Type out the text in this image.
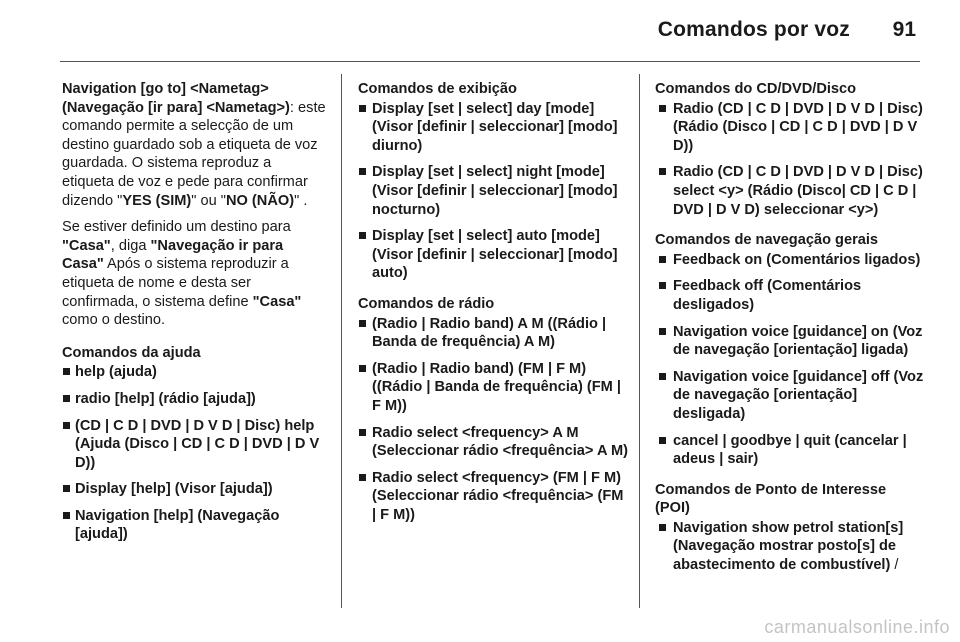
Comandos por voz 91

Navigation [go to] <Nametag> (Navegação [ir para] <Nametag>): este comando permite a selecção de um destino guardado sob a etiqueta de voz guardada. O sistema reproduz a etiqueta de voz e pede para confirmar dizendo "YES (SIM)" ou "NO (NÃO)" .

Se estiver definido um destino para "Casa", diga "Navegação ir para Casa" Após o sistema reproduzir a etiqueta de nome e desta ser confirmada, o sistema define "Casa" como o destino.

Comandos da ajuda
help (ajuda)
radio [help] (rádio [ajuda])
(CD | C D | DVD | D V D | Disc) help (Ajuda (Disco | CD | C D | DVD | D V D))
Display [help] (Visor [ajuda])
Navigation [help] (Navegação [ajuda])
Comandos de exibição
Display [set | select] day [mode] (Visor [definir | seleccionar] [modo] diurno)
Display [set | select] night [mode] (Visor [definir | seleccionar] [modo] nocturno)
Display [set | select] auto [mode] (Visor [definir | seleccionar] [modo] auto)
Comandos de rádio
(Radio | Radio band) A M ((Rádio | Banda de frequência) A M)
(Radio | Radio band) (FM | F M) ((Rádio | Banda de frequência) (FM | F M))
Radio select <frequency> A M (Seleccionar rádio <frequência> A M)
Radio select <frequency> (FM | F M) (Seleccionar rádio <frequência> (FM | F M))
Comandos do CD/DVD/Disco
Radio (CD | C D | DVD | D V D | Disc) (Rádio (Disco | CD | C D | DVD | D V D))
Radio (CD | C D | DVD | D V D | Disc) select <y> (Rádio (Disco| CD | C D | DVD | D V D) seleccionar <y>)
Comandos de navegação gerais
Feedback on (Comentários ligados)
Feedback off (Comentários desligados)
Navigation voice [guidance] on (Voz de navegação [orientação] ligada)
Navigation voice [guidance] off (Voz de navegação [orientação] desligada)
cancel | goodbye | quit (cancelar | adeus | sair)
Comandos de Ponto de Interesse (POI)
Navigation show petrol station[s] (Navegação mostrar posto[s] de abastecimento de combustível) /
carmanualsonline.info
